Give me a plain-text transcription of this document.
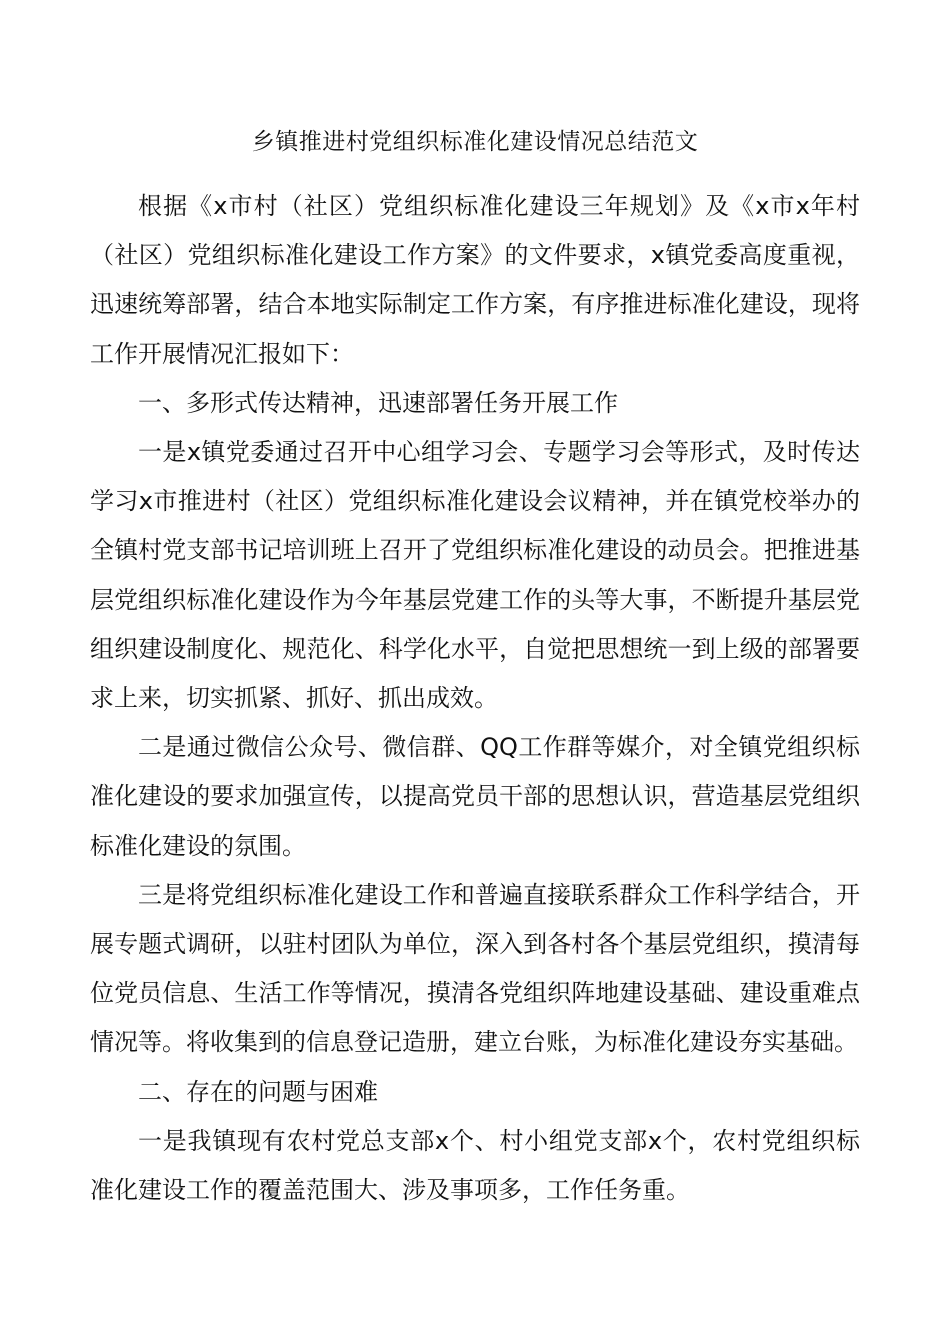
乡镇推进村党组织标准化建设情况总结范文

根据《x市村（社区）党组织标准化建设三年规划》及《x市x年村（社区）党组织标准化建设工作方案》的文件要求，x镇党委高度重视，迅速统筹部署，结合本地实际制定工作方案，有序推进标准化建设，现将工作开展情况汇报如下：

一、多形式传达精神，迅速部署任务开展工作

一是x镇党委通过召开中心组学习会、专题学习会等形式，及时传达学习x市推进村（社区）党组织标准化建设会议精神，并在镇党校举办的全镇村党支部书记培训班上召开了党组织标准化建设的动员会。把推进基层党组织标准化建设作为今年基层党建工作的头等大事，不断提升基层党组织建设制度化、规范化、科学化水平，自觉把思想统一到上级的部署要求上来，切实抓紧、抓好、抓出成效。

二是通过微信公众号、微信群、QQ工作群等媒介，对全镇党组织标准化建设的要求加强宣传，以提高党员干部的思想认识，营造基层党组织标准化建设的氛围。

三是将党组织标准化建设工作和普遍直接联系群众工作科学结合，开展专题式调研，以驻村团队为单位，深入到各村各个基层党组织，摸清每位党员信息、生活工作等情况，摸清各党组织阵地建设基础、建设重难点情况等。将收集到的信息登记造册，建立台账，为标准化建设夯实基础。

二、存在的问题与困难

一是我镇现有农村党总支部x个、村小组党支部x个，农村党组织标准化建设工作的覆盖范围大、涉及事项多，工作任务重。
